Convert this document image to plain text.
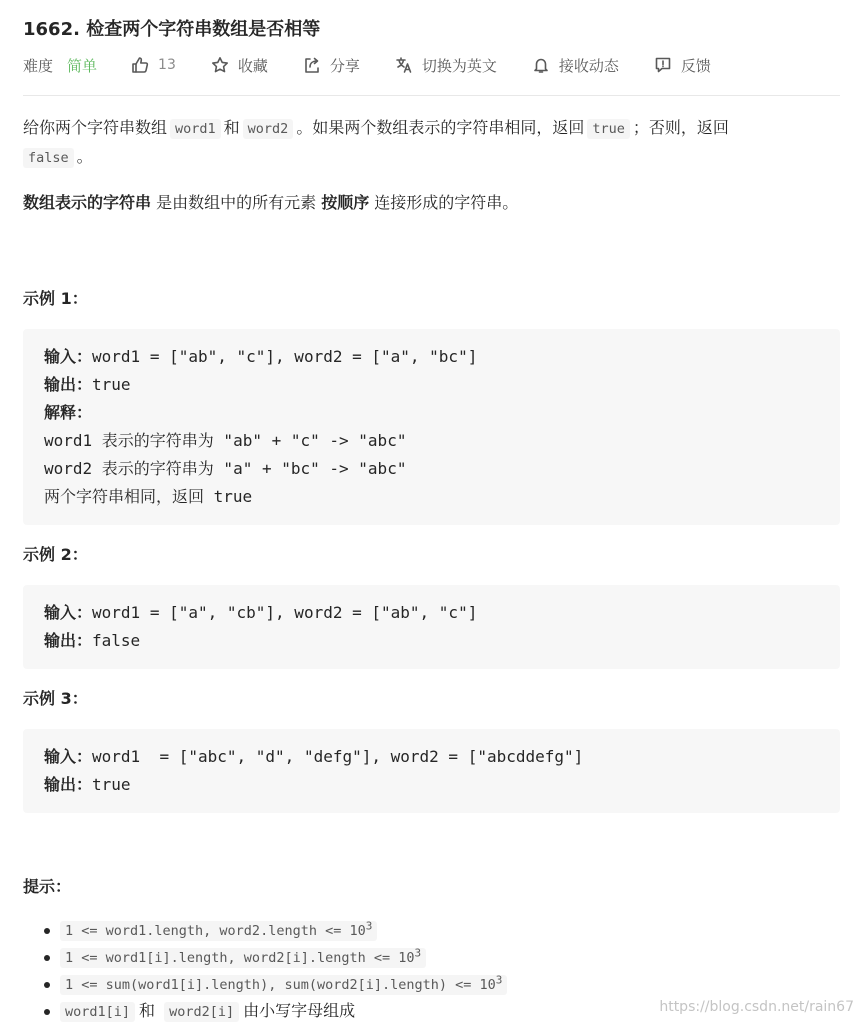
1662. 检查两个字符串数组是否相等
难度 简单	13	收藏	分享	切换为英文	接收动态	反馈

给你两个字符串数组 word1 和 word2 。如果两个数组表示的字符串相同，返回 true ；否则，返回
false 。

数组表示的字符串 是由数组中的所有元素 按顺序 连接形成的字符串。

示例 1：
输入：word1 = ["ab", "c"], word2 = ["a", "bc"]
输出：true
解释：
word1 表示的字符串为 "ab" + "c" -> "abc"
word2 表示的字符串为 "a" + "bc" -> "abc"
两个字符串相同，返回 true
示例 2：
输入：word1 = ["a", "cb"], word2 = ["ab", "c"]
输出：false
示例 3：
输入：word1  = ["abc", "d", "defg"], word2 = ["abcddefg"]
输出：true
提示：
1 <= word1.length, word2.length <= $10^3$
1 <= word1[i].length, word2[i].length <= $10^3$
1 <= sum(word1[i].length), sum(word2[i].length) <= $10^3$
word1[i] 和 word2[i] 由小写字母组成	https://blog.csdn.net/rain67
